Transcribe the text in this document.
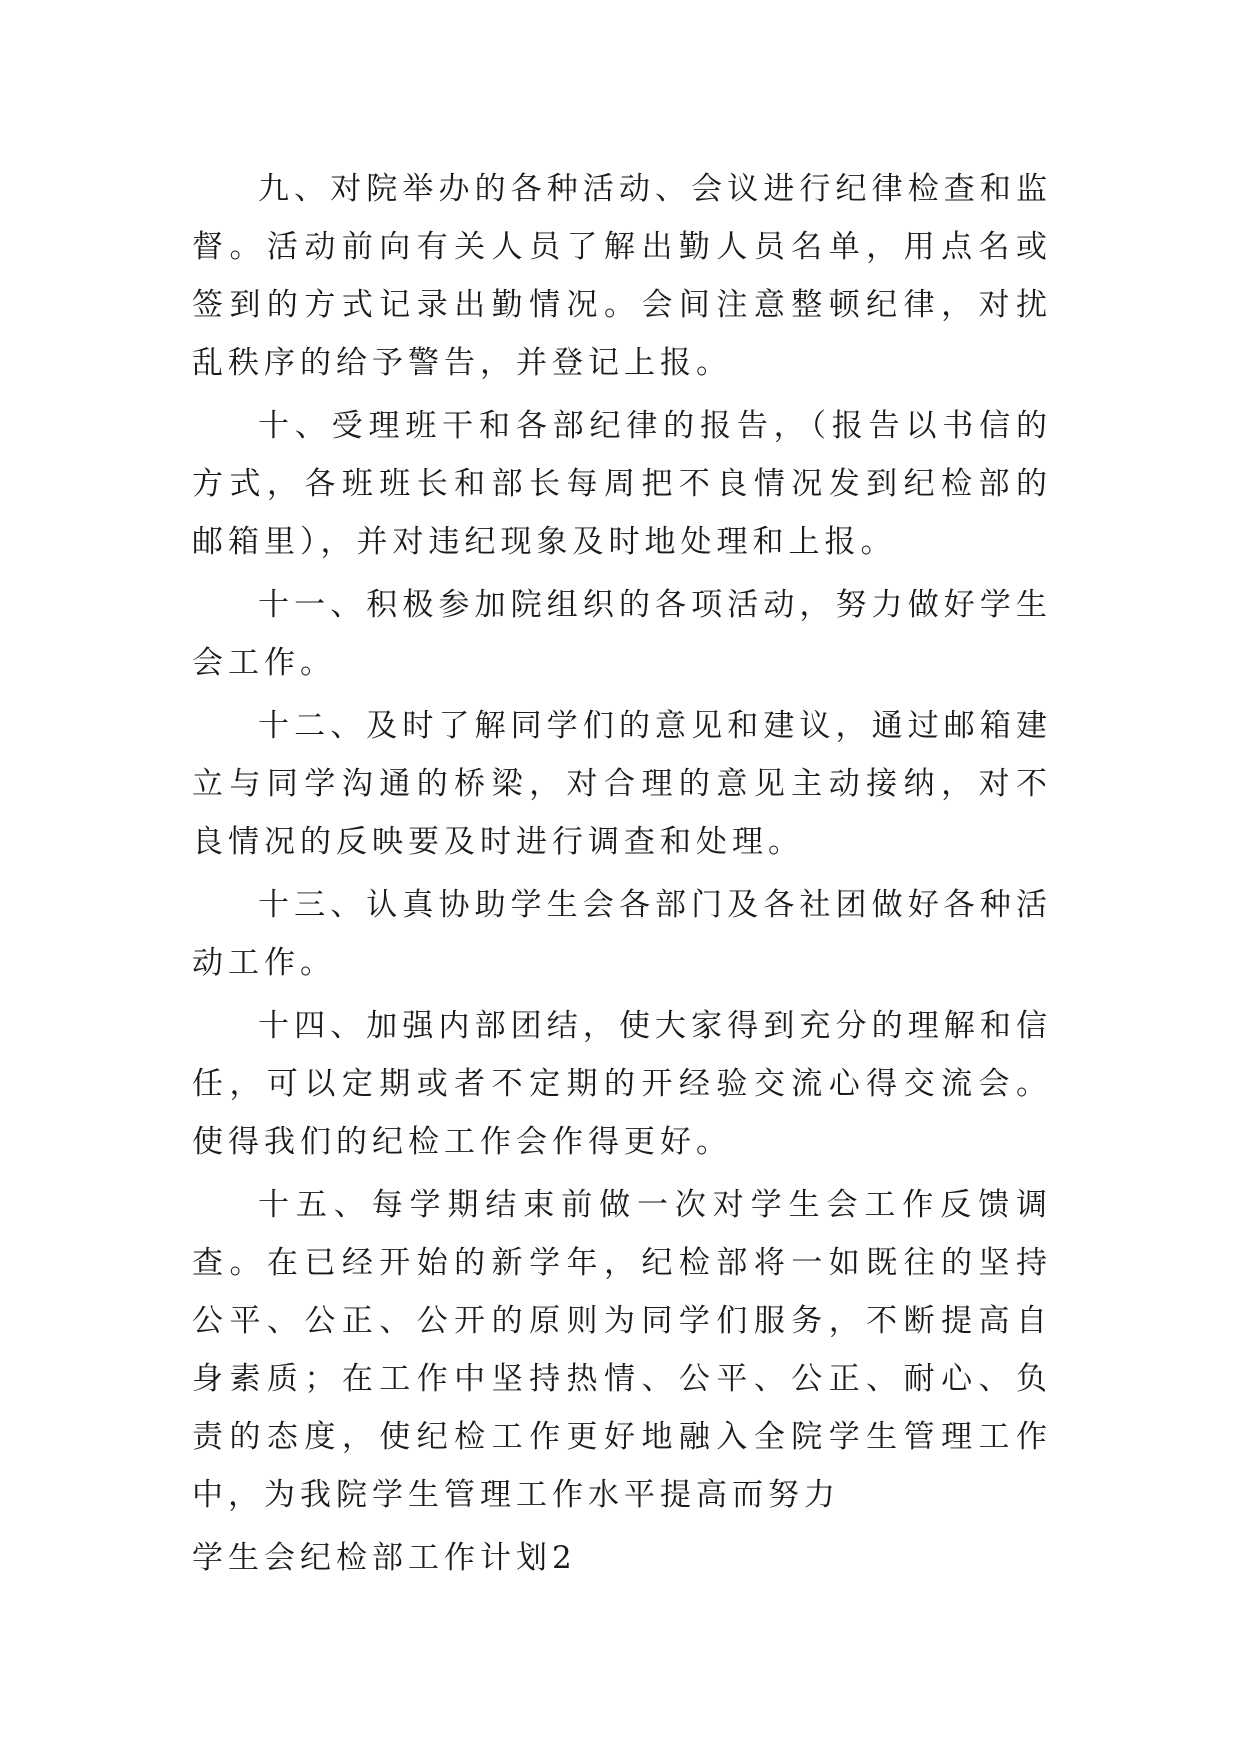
九、对院举办的各种活动、会议进行纪律检查和监督。活动前向有关人员了解出勤人员名单，用点名或签到的方式记录出勤情况。会间注意整顿纪律，对扰乱秩序的给予警告，并登记上报。

十、受理班干和各部纪律的报告，（报告以书信的方式，各班班长和部长每周把不良情况发到纪检部的邮箱里），并对违纪现象及时地处理和上报。

十一、积极参加院组织的各项活动，努力做好学生会工作。

十二、及时了解同学们的意见和建议，通过邮箱建立与同学沟通的桥梁，对合理的意见主动接纳，对不良情况的反映要及时进行调查和处理。

十三、认真协助学生会各部门及各社团做好各种活动工作。

十四、加强内部团结，使大家得到充分的理解和信任，可以定期或者不定期的开经验交流心得交流会。使得我们的纪检工作会作得更好。

十五、每学期结束前做一次对学生会工作反馈调查。在已经开始的新学年，纪检部将一如既往的坚持公平、公正、公开的原则为同学们服务，不断提高自身素质；在工作中坚持热情、公平、公正、耐心、负责的态度，使纪检工作更好地融入全院学生管理工作中，为我院学生管理工作水平提高而努力

学生会纪检部工作计划2
